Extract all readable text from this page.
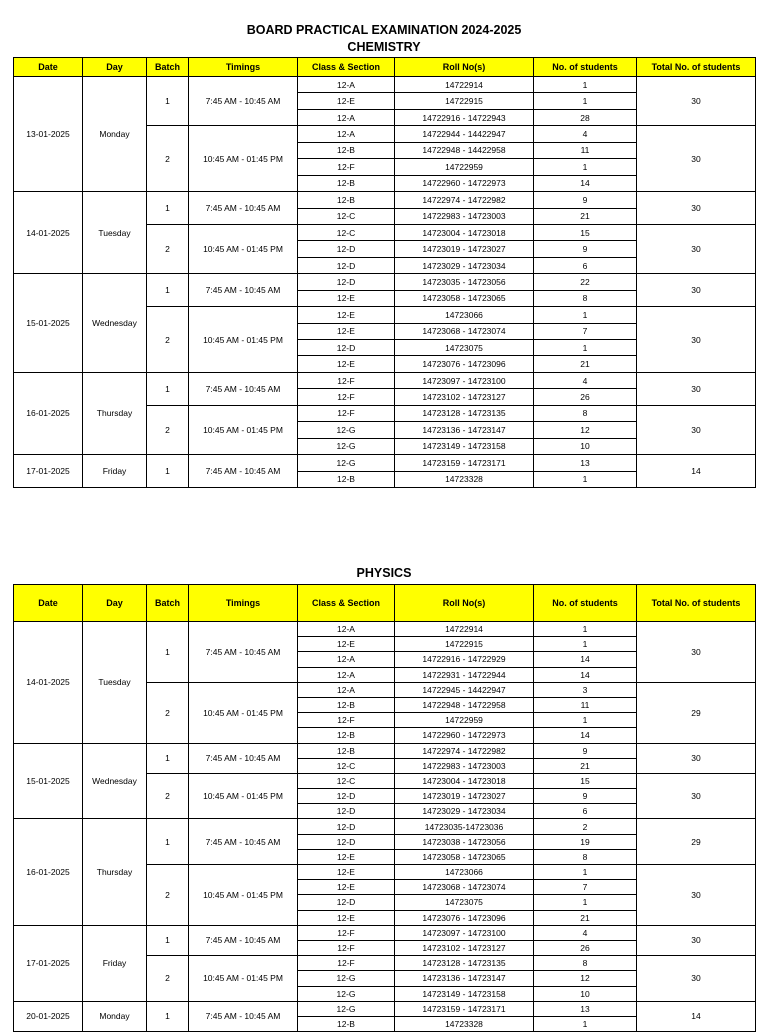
BOARD PRACTICAL EXAMINATION 2024-2025
CHEMISTRY
Date	Day	Batch	Timings	Class & Section	Roll No(s)	No. of students	Total No. of students
13-01-2025	Monday	1	7:45 AM - 10:45 AM	12-A	14722914	1	30
				12-E	14722915	1	
				12-A	14722916 - 14722943	28	
		2	10:45 AM - 01:45 PM	12-A	14722944 - 14422947	4	30
				12-B	14722948 - 14422958	11	
				12-F	14722959	1	
				12-B	14722960 - 14722973	14	
14-01-2025	Tuesday	1	7:45 AM - 10:45 AM	12-B	14722974 - 14722982	9	30
				12-C	14722983 - 14723003	21	
		2	10:45 AM - 01:45 PM	12-C	14723004 - 14723018	15	30
				12-D	14723019 - 14723027	9	
				12-D	14723029 - 14723034	6	
15-01-2025	Wednesday	1	7:45 AM - 10:45 AM	12-D	14723035 - 14723056	22	30
				12-E	14723058 - 14723065	8	
		2	10:45 AM - 01:45 PM	12-E	14723066	1	30
				12-E	14723068 - 14723074	7	
				12-D	14723075	1	
				12-E	14723076 - 14723096	21	
16-01-2025	Thursday	1	7:45 AM - 10:45 AM	12-F	14723097 - 14723100	4	30
				12-F	14723102 - 14723127	26	
		2	10:45 AM - 01:45 PM	12-F	14723128 - 14723135	8	30
				12-G	14723136 - 14723147	12	
				12-G	14723149 - 14723158	10	
17-01-2025	Friday	1	7:45 AM - 10:45 AM	12-G	14723159 - 14723171	13	14
				12-B	14723328	1	
PHYSICS
Date	Day	Batch	Timings	Class & Section	Roll No(s)	No. of students	Total No. of students
14-01-2025	Tuesday	1	7:45 AM - 10:45 AM	12-A	14722914	1	30
				12-E	14722915	1	
				12-A	14722916 - 14722929	14	
				12-A	14722931 - 14722944	14	
		2	10:45 AM - 01:45 PM	12-A	14722945 - 14422947	3	29
				12-B	14722948 - 14722958	11	
				12-F	14722959	1	
				12-B	14722960 - 14722973	14	
15-01-2025	Wednesday	1	7:45 AM - 10:45 AM	12-B	14722974 - 14722982	9	30
				12-C	14722983 - 14723003	21	
		2	10:45 AM - 01:45 PM	12-C	14723004 - 14723018	15	30
				12-D	14723019 - 14723027	9	
				12-D	14723029 - 14723034	6	
16-01-2025	Thursday	1	7:45 AM - 10:45 AM	12-D	14723035-14723036	2	29
				12-D	14723038 - 14723056	19	
				12-E	14723058 - 14723065	8	
		2	10:45 AM - 01:45 PM	12-E	14723066	1	30
				12-E	14723068 - 14723074	7	
				12-D	14723075	1	
				12-E	14723076 - 14723096	21	
17-01-2025	Friday	1	7:45 AM - 10:45 AM	12-F	14723097 - 14723100	4	30
				12-F	14723102 - 14723127	26	
		2	10:45 AM - 01:45 PM	12-F	14723128 - 14723135	8	30
				12-G	14723136 - 14723147	12	
				12-G	14723149 - 14723158	10	
20-01-2025	Monday	1	7:45 AM - 10:45 AM	12-G	14723159 - 14723171	13	14
				12-B	14723328	1	
